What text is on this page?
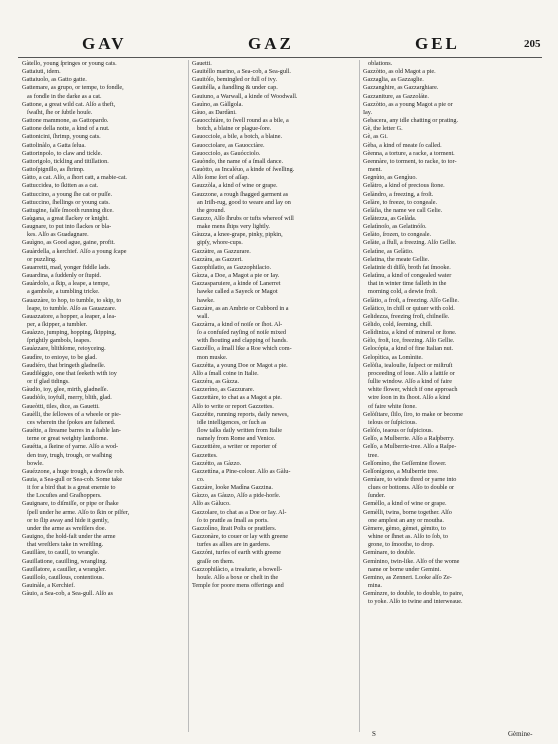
GAV	GAZ	GEL	205

Gàtello, young ſpringes or young cats.

Gattaiuti, idem.

Gattaiuolo, as Gatto gatte.

Gattemare, as grupo, or tempe, to fondle,

as fondle in the darke as a cat.

Gattone, a great wild cat. Alſo a theft,

ſwaſht, ſhe or ſubtle houſe.

Gattone mammone, as Gattopardo.

Gattone della notte, a kind of a nut.

Gattonicini, ſhrimp, young cats.

Gattolinàlo, a Gatta ſelua.

Gattorinpolo, to claw and tickle.

Gattorigolo, tickling and titillation.

Gattoſpignillo, as ſhrimp.

Gàtto, a cat. Alſo, a ſhort catt, a mabie-cat.

Gattuccidea, to ſkitten as a cat.

Gattuccino, a young ſhe cat or puſſe.

Gattuccino, ſhellings or young cats.

Gattugine, falſe ſmooth running dice.

Gaùgana, a great ſlackey or knight.

Gaugnare, to put into ſlackes or bla-

kes. Alſo as Guadagnare.

Gauìgno, as Good ague, gaine, profit.

Gauàrdella, a kerchief. Alſo a young ſcape

or puzzling.

Gauarretti, mad, yonger fiddle lads.

Gauardina, a ſuddenly or ſtupid.

Gauàrdolo, a ſkip, a leape, a tempe,

a gambole, a tumbling tricke.

Gauazzàre, to hop, to tumble, to skip, to

leape, to tumble. Alſo as Gauazzare.

Gauazzatore, a hopper, a leaper, a lea-

per, a ſkipper, a tumbler.

Gauàzzo, jumping, hopping, ſkipping,

ſprightly gambols, leapes.

Gauàzzare, blithſome, reioyceing.

Gaudìre, to enioye, to be glad.

Gaudiéro, that bringeth gladneſſe.

Gaudiléggio, one that ſeeketh with ioy

or if glad tidings.

Gàudio, ioy, glee, mirth, gladneſſe.

Gaudiòſo, ioyfull, merry, blith, glad.

Gaueòtti, tiles, dice, as Gauetti.

Gauèlli, the ſellowes of a wheele or pie-

ces wherein the ſpokes are faſtened.

Gauétte, a ſtreame barres in a ſtable lan-

terne or great weighty lanthorne.

Gauétta, a ſkeine of yarne. Alſo a wod-

den tray, trugh, trough, or waſhing

bowle.

Gauézzone, a huge trough, a drowſie rob.

Gauia, a Sea-gull or Sea-cob. Some take

it for a bird that is a great enemie to

the Locuſtes and Graſhoppers.

Gauignare, to diſmiſſe, or pipe or ſhake

ſpell under he arme. Alſo to ſkin or pilfer,

or to ſlip away and hide it gently,

under the arme as wreſtlers doe.

Gauigno, the hold-faſt under the arme

that wreſtlers take in wreſtling.

Gauillàre, to cauill, to wrangle.

Gauillatione, cauilling, wrangling.

Gauillatore, a cauiller, a wrangler.

Gauilloſo, cauillous, contentious.

Gauinàle, a Kerchief.

Gàuio, a Sea-cob, a Sea-gull. Alſo as

Gauetti.

Gauitéllo marino, a Sea-cob, a Sea-gull.

Gauitóſo, bemingled or full of ivy.

Gauitélla, a ſtandling & under cap.

Gauiuno, a Warwall, a kinde of Woodwall.

Gauìno, as Gàllgola.

Gàuo, as Dardàni.

Gauocchiàre, to ſwell round as a bile, a

botch, a blaine or plague-ſore.

Gauocciole, a bile, a botch, a blaine.

Gauocciolare, as Gauocciàre.

Gauocciolo, as Gauócciolo.

Gauòndo, the name of a ſmall dance.

Gauòtto, as Incaléuo, a kinde of ſwelling.

Alſo ſome ſort of aſſap.

Gauzzòla, a kind of wine or grape.

Gauzzone, a rough ſhagged garment as

an Iriſh-rug, good to weare and lay on

the ground.

Gauzzo, Alſo ſhrubs or tufts whereof will

make mens ſhips very lightly.

Gàuzza, a knee-grape, pinky, pipkin,

gipſy, whore-cups.

Gazzàtre, as Gazzurare.

Gazzàra, as Gazzeri.

Gazophilatio, as Gazzophilacio.

Gàzza, a Doe, a Magot a pie or Iay.

Gazzasparuiere, a kinde of Lanerret

hawke called a Sayeck or Magot

hawke.

Gazzàre, as an Ambrie or Cubbord in a

wall.

Gazzàrra, a kind of noiſe or ſhot. Al-

ſo a confuſed rayſing of noiſe mixed

with ſhouting and clapping of hands.

Gazzéllo, a ſmall like a Roe which com-

mon muske.

Gazzétta, a young Doe or Magot a pie.

Alſo a ſmall coine in Italie.

Gazzéra, as Gàzza.

Gazzerìno, as Gazzurare.

Gazzettàre, to chat as a Magot a pie.

Alſo to write or report Gazzettes.

Gazzétte, running reports, daily newes,

idle intelligences, or ſuch as

ſlow talks daily written from Italie

namely from Rome and Venice.

Gazzettière, a writer or reporter of

Gazzettes.

Gazzétto, as Gàzzo.

Gazzettìna, a Pine-colour. Alſo as Gàlu-

co.

Gazzàre, looke Madìna Gazzina.

Gàzzo, as Gàuzo, Alſo a pide-horſe.

Alſo as Gàluco.

Gazzolare, to chat as a Doe or Iay. Al-

ſo to prattle as ſmall as ports.

Gazzolìno, ſtrait Poſts or prattlers.

Gazzonàre, to couer or lay with greene

turfes as allies are in gardens.

Gazzóni, turfes of earth with greene

graſſe on them.

Gazzophilàcio, a treaſurie, a bowell-

houſe. Alſo a boxe or cheſt in the

Temple for poore mens offerings and

oblations.

Gazzòtto, as old Magot a pie.

Gazzaglia, as Gazzaglie.

Gazzanghire, as Gazzarghiare.

Gazzaniture, as Gazzoláte.

Gazzòtto, as a young Magot a pie or

Iay.

Gebacera, any idle chatting or prating.

Gè, the letter G.

Gè, as Gi.

Gèba, a kind of meate ſo called.

Gèenna, a torture, a racke, a torment.

Geennàre, to torment, to racke, to tor-

ment.

Gegnùto, as Gengìuo.

Gelàtro, a kind of precious ſtone.

Gelàndro, a freezing, a froſt.

Gelàre, to freeze, to congeale.

Gelàſia, the name we call Gelie.

Gelàtezza, as Gelàda.

Gelatìnoſo, as Gelatinóſo.

Gelàto, ſrozen, to congeale.

Gelàte, a ſfull, a freezing. Alſo Gellie.

Gelatìne, as Gelàtio.

Gelatina, the meate Gellie.

Gelatinie di diſſò, broth fat ſmooke.

Gelatìnu, a kind of congealed water

that in winter time falleth in the

morning cold, a dewie froſt.

Gelàtio, a froſt, a freezing. Alſo Gellie.

Gelàtico, in chill or quiuer with cold.

Gelidezza, freezing froſt, chilneſſe.

Gèlido, cold, ſeeming, chill.

Gelìdiniza, a kind of mineral or ſtone.

Gèlo, froſt, ice, freezing. Alſo Gellie.

Gelocópia, a kind of fine Italian nut.

Gelopìtica, as Lomìnite.

Gelòſia, iealouſie, ſuſpect or miſtruſt

proceeding of loue. Alſo a lattiſe or

ſullie window. Alſo a kind of faire

white flower, which if one approach

wire ſoon in its ſhoot. Alſo a kind

of faire white ſtone.

Gelòſitare, ſlilo, ſiro, to make or become

ielous or ſuſpicious.

Gelòſo, ieaous or ſuſpicious.

Gelſo, a Mulberrie. Alſo a Raſpberry.

Gelſo, a Mulberrie-tree. Alſo a Raſpe-

tree.

Gelſomìno, the Geſſemine flower.

Gelſonìgono, a Mulberrie tree.

Gemìare, to winde thred or yarne into

clues or bottoms. Alſo to double or

ſunder.

Gemèllo, a kind of wine or grape.

Gemèlli, twins, borne together. Alſo

one amplest an any or moutha.

Gèmere, gèmo, gèmei, gèmito, to

whine or ſhnet as. Alſo to ſob, to

grone, to ſmoothe, to drop.

Gemìnare, to double.

Gemìnino, twin-like. Alſo of the wome

name or borne under Gemini.

Gemino, as Zenneri. Looke alſo Ze-

mina.

Gemìnzre, to double, to double, to paire,

to yoke. Alſo to twine and interweaue.

S	Gèmine-
